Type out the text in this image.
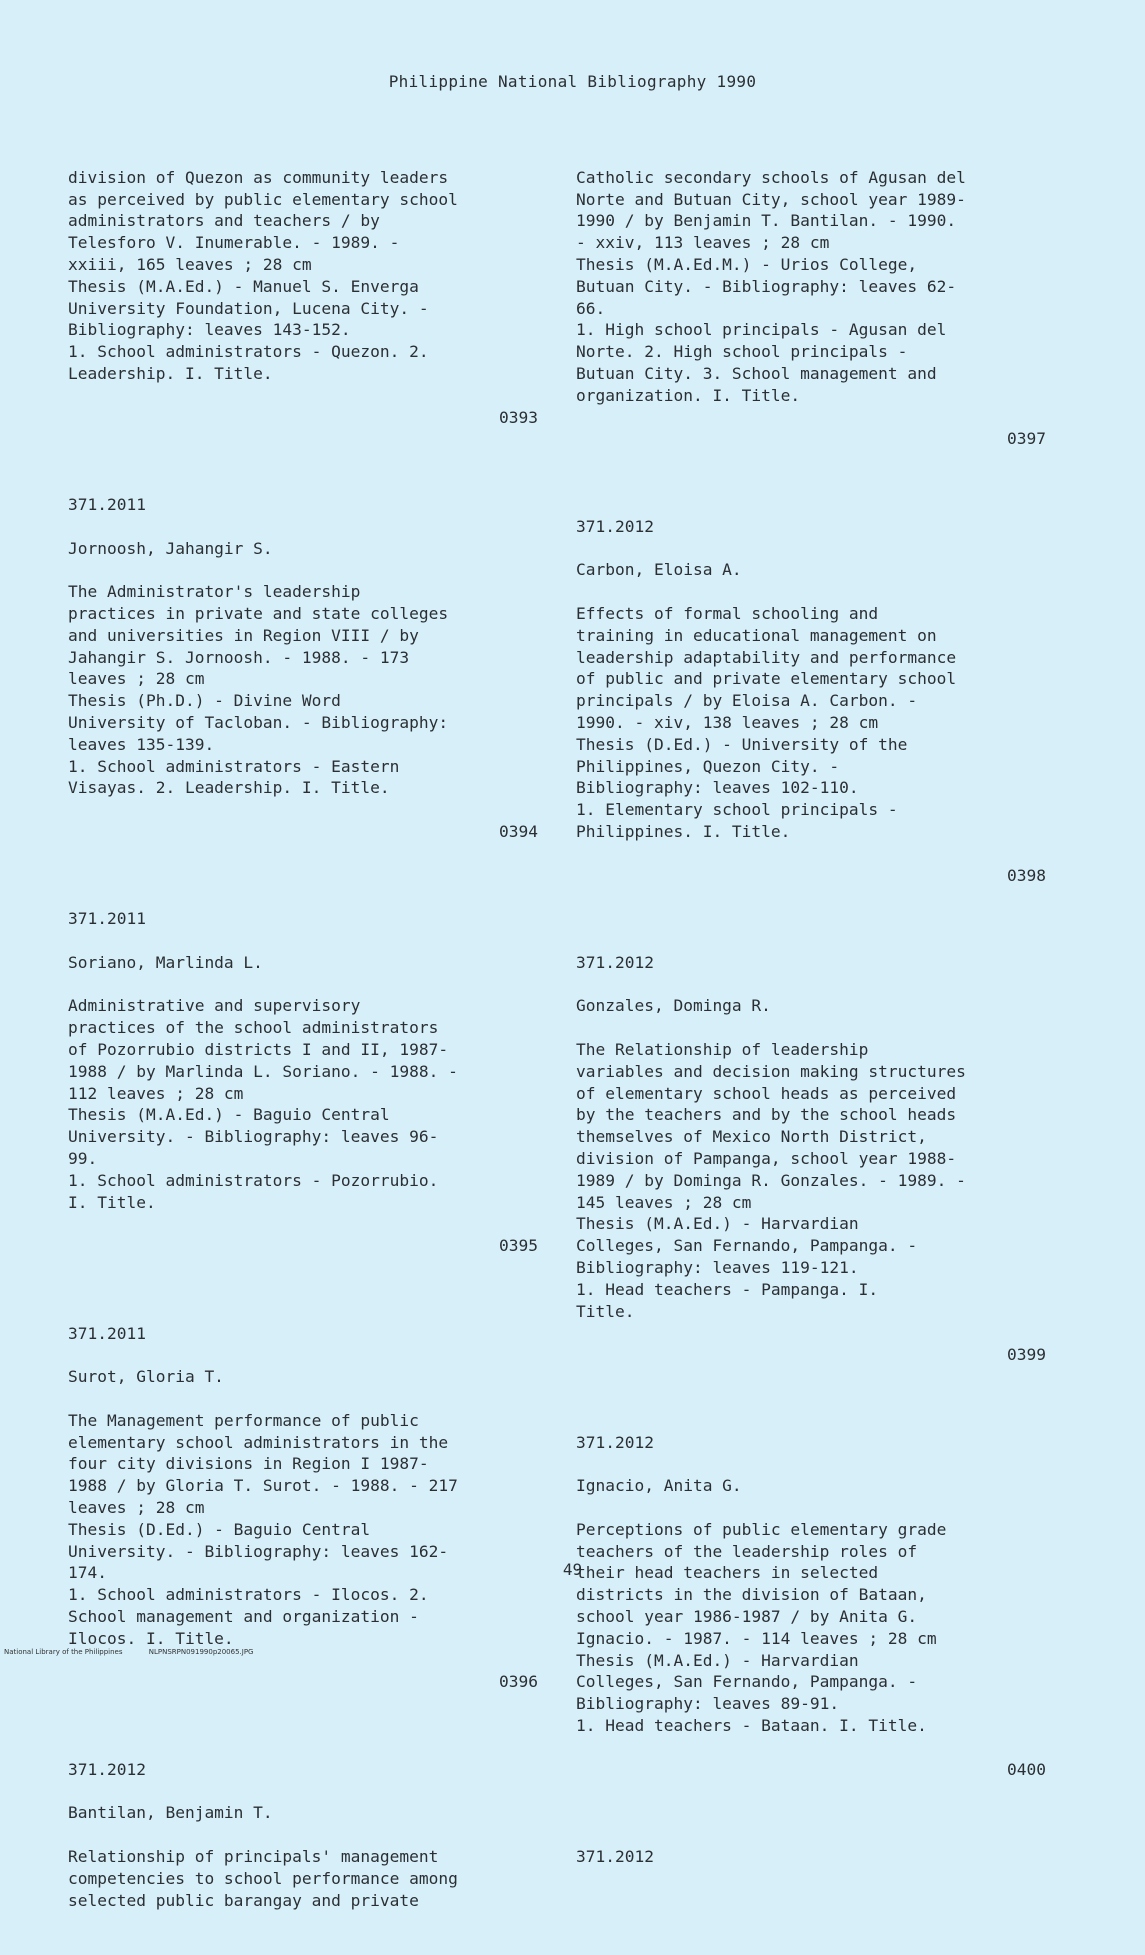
Philippine National Bibliography 1990

division of Quezon as community leaders
as perceived by public elementary school
administrators and teachers / by
Telesforo V. Inumerable. - 1989. -
xxiii, 165 leaves ; 28 cm
Thesis (M.A.Ed.) - Manuel S. Enverga
University Foundation, Lucena City. -
Bibliography: leaves 143-152.
1. School administrators - Quezon. 2.
Leadership. I. Title.

0393

371.2011

Jornoosh, Jahangir S.

The Administrator's leadership
practices in private and state colleges
and universities in Region VIII / by
Jahangir S. Jornoosh. - 1988. - 173
leaves ; 28 cm
Thesis (Ph.D.) - Divine Word
University of Tacloban. - Bibliography:
leaves 135-139.
1. School administrators - Eastern
Visayas. 2. Leadership. I. Title.

0394

371.2011

Soriano, Marlinda L.

Administrative and supervisory
practices of the school administrators
of Pozorrubio districts I and II, 1987-
1988 / by Marlinda L. Soriano. - 1988. -
112 leaves ; 28 cm
Thesis (M.A.Ed.) - Baguio Central
University. - Bibliography: leaves 96-
99.
1. School administrators - Pozorrubio.
I. Title.

0395

371.2011

Surot, Gloria T.

The Management performance of public
elementary school administrators in the
four city divisions in Region I 1987-
1988 / by Gloria T. Surot. - 1988. - 217
leaves ; 28 cm
Thesis (D.Ed.) - Baguio Central
University. - Bibliography: leaves 162-
174.
1. School administrators - Ilocos. 2.
School management and organization -
Ilocos. I. Title.

0396

371.2012

Bantilan, Benjamin T.

Relationship of principals' management
competencies to school performance among
selected public barangay and private

Catholic secondary schools of Agusan del
Norte and Butuan City, school year 1989-
1990 / by Benjamin T. Bantilan. - 1990.
- xxiv, 113 leaves ; 28 cm
Thesis (M.A.Ed.M.) - Urios College,
Butuan City. - Bibliography: leaves 62-
66.
1. High school principals - Agusan del
Norte. 2. High school principals -
Butuan City. 3. School management and
organization. I. Title.

0397

371.2012

Carbon, Eloisa A.

Effects of formal schooling and
training in educational management on
leadership adaptability and performance
of public and private elementary school
principals / by Eloisa A. Carbon. -
1990. - xiv, 138 leaves ; 28 cm
Thesis (D.Ed.) - University of the
Philippines, Quezon City. -
Bibliography: leaves 102-110.
1. Elementary school principals -
Philippines. I. Title.

0398

371.2012

Gonzales, Dominga R.

The Relationship of leadership
variables and decision making structures
of elementary school heads as perceived
by the teachers and by the school heads
themselves of Mexico North District,
division of Pampanga, school year 1988-
1989 / by Dominga R. Gonzales. - 1989. -
145 leaves ; 28 cm
Thesis (M.A.Ed.) - Harvardian
Colleges, San Fernando, Pampanga. -
Bibliography: leaves 119-121.
1. Head teachers - Pampanga. I.
Title.

0399

371.2012

Ignacio, Anita G.

Perceptions of public elementary grade
teachers of the leadership roles of
their head teachers in selected
districts in the division of Bataan,
school year 1986-1987 / by Anita G.
Ignacio. - 1987. - 114 leaves ; 28 cm
Thesis (M.A.Ed.) - Harvardian
Colleges, San Fernando, Pampanga. -
Bibliography: leaves 89-91.
1. Head teachers - Bataan. I. Title.

0400

371.2012

49
National Library of the Philippines	NLPNSRPN091990p20065.JPG
